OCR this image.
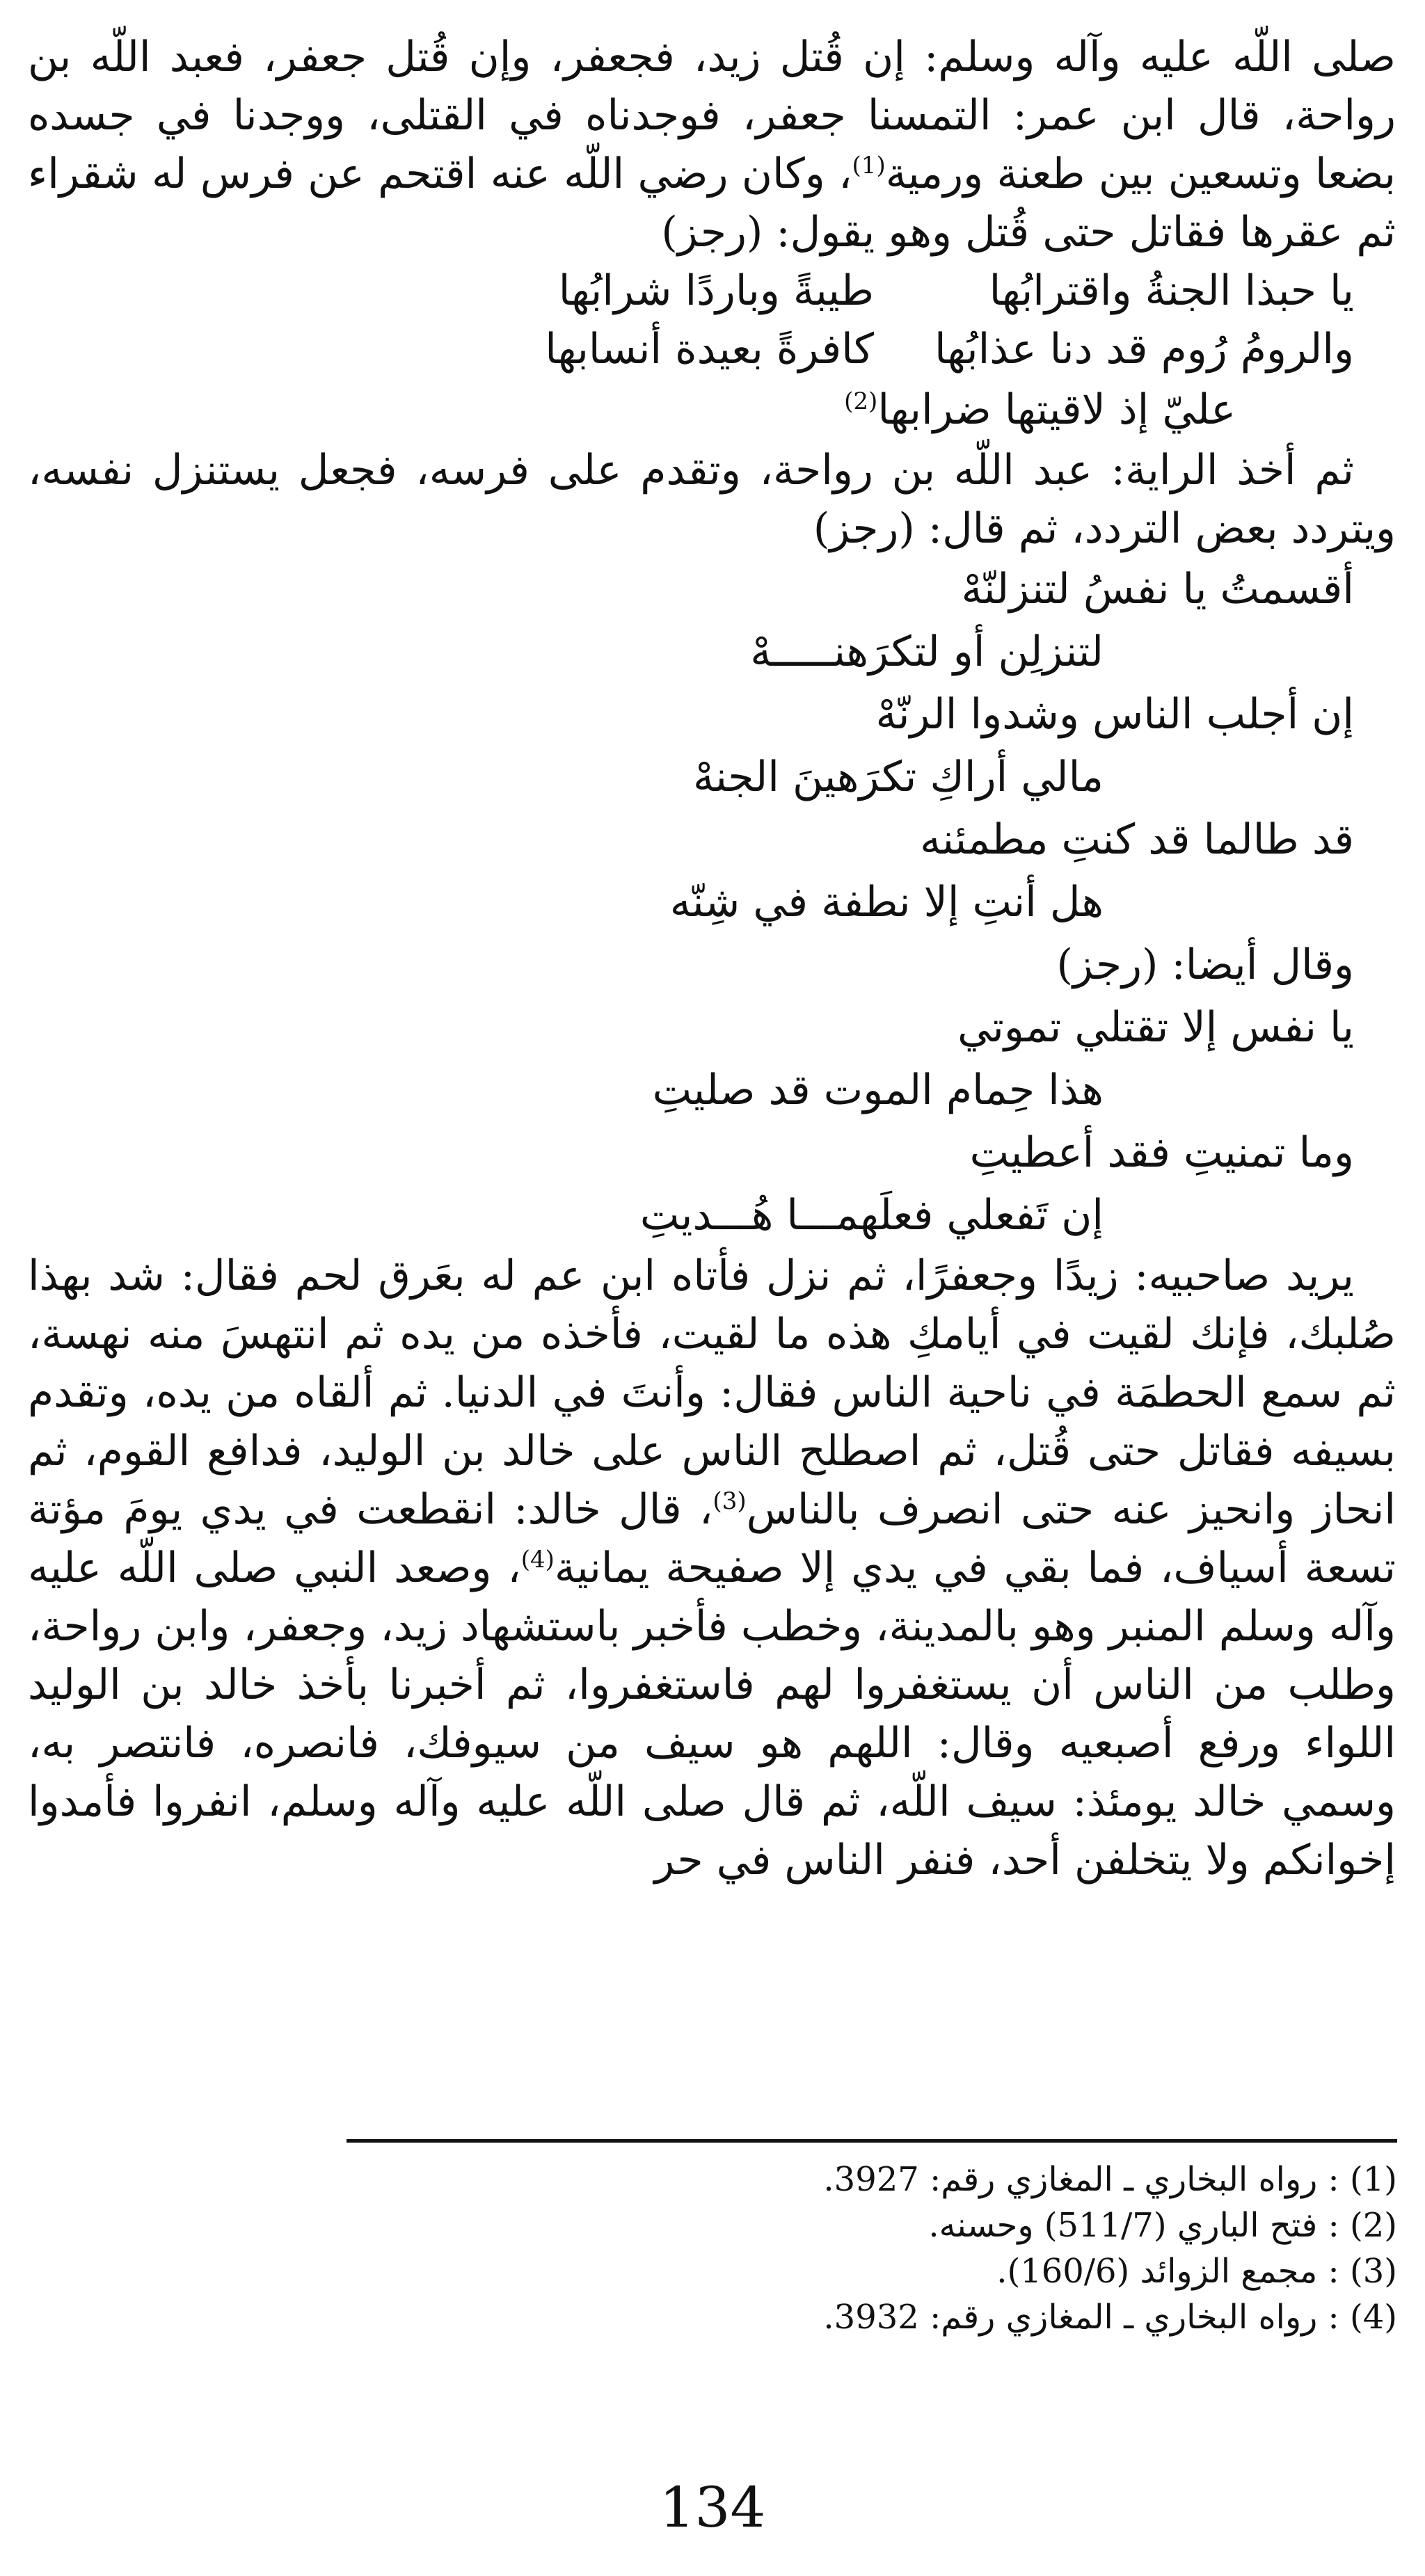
صلى اللّه عليه وآله وسلم: إن قُتل زيد، فجعفر، وإن قُتل جعفر، فعبد اللّه بن رواحة، قال ابن عمر: التمسنا جعفر، فوجدناه في القتلى، ووجدنا في جسده بضعا وتسعين بين طعنة ورمية$^{(1)}$، وكان رضي اللّه عنه اقتحم عن فرس له شقراء ثم عقرها فقاتل حتى قُتل وهو يقول: (رجز)

يا حبذا الجنةُ واقترابُها
طيبةً وباردًا شرابُها
والرومُ رُوم قد دنا عذابُها
كافرةً بعيدة أنسابها
عليّ إذ لاقيتها ضرابها$^{(2)}$

ثم أخذ الراية: عبد اللّه بن رواحة، وتقدم على فرسه، فجعل يستنزل نفسه، ويتردد بعض التردد، ثم قال: (رجز)

أقسمتُ يا نفسُ لتنزلنّهْ
لتنزلِن أو لتكرَهنـــــهْ
إن أجلب الناس وشدوا الرنّهْ
مالي أراكِ تكرَهينَ الجنهْ
قد طالما قد كنتِ مطمئنه
هل أنتِ إلا نطفة في شِنّه
وقال أيضا: (رجز)
يا نفس إلا تقتلي تموتي
هذا حِمام الموت قد صليتِ
وما تمنيتِ فقد أعطيتِ
إن تَفعلي فعلَهمـــا هُـــديتِ

يريد صاحبيه: زيدًا وجعفرًا، ثم نزل فأتاه ابن عم له بعَرق لحم فقال: شد بهذا صُلبك، فإنك لقيت في أيامكِ هذه ما لقيت، فأخذه من يده ثم انتهسَ منه نهسة، ثم سمع الحطمَة في ناحية الناس فقال: وأنتَ في الدنيا. ثم ألقاه من يده، وتقدم بسيفه فقاتل حتى قُتل، ثم اصطلح الناس على خالد بن الوليد، فدافع القوم، ثم انحاز وانحيز عنه حتى انصرف بالناس$^{(3)}$، قال خالد: انقطعت في يدي يومَ مؤتة تسعة أسياف، فما بقي في يدي إلا صفيحة يمانية$^{(4)}$، وصعد النبي صلى اللّه عليه وآله وسلم المنبر وهو بالمدينة، وخطب فأخبر باستشهاد زيد، وجعفر، وابن رواحة، وطلب من الناس أن يستغفروا لهم فاستغفروا، ثم أخبرنا بأخذ خالد بن الوليد اللواء ورفع أصبعيه وقال: اللهم هو سيف من سيوفك، فانصره، فانتصر به، وسمي خالد يومئذ: سيف اللّه، ثم قال صلى اللّه عليه وآله وسلم، انفروا فأمدوا إخوانكم ولا يتخلفن أحد، فنفر الناس في حر

(1) : رواه البخاري ـ المغازي رقم: 3927.

(2) : فتح الباري (511/7) وحسنه.

(3) : مجمع الزوائد (160/6).

(4) : رواه البخاري ـ المغازي رقم: 3932.

134
